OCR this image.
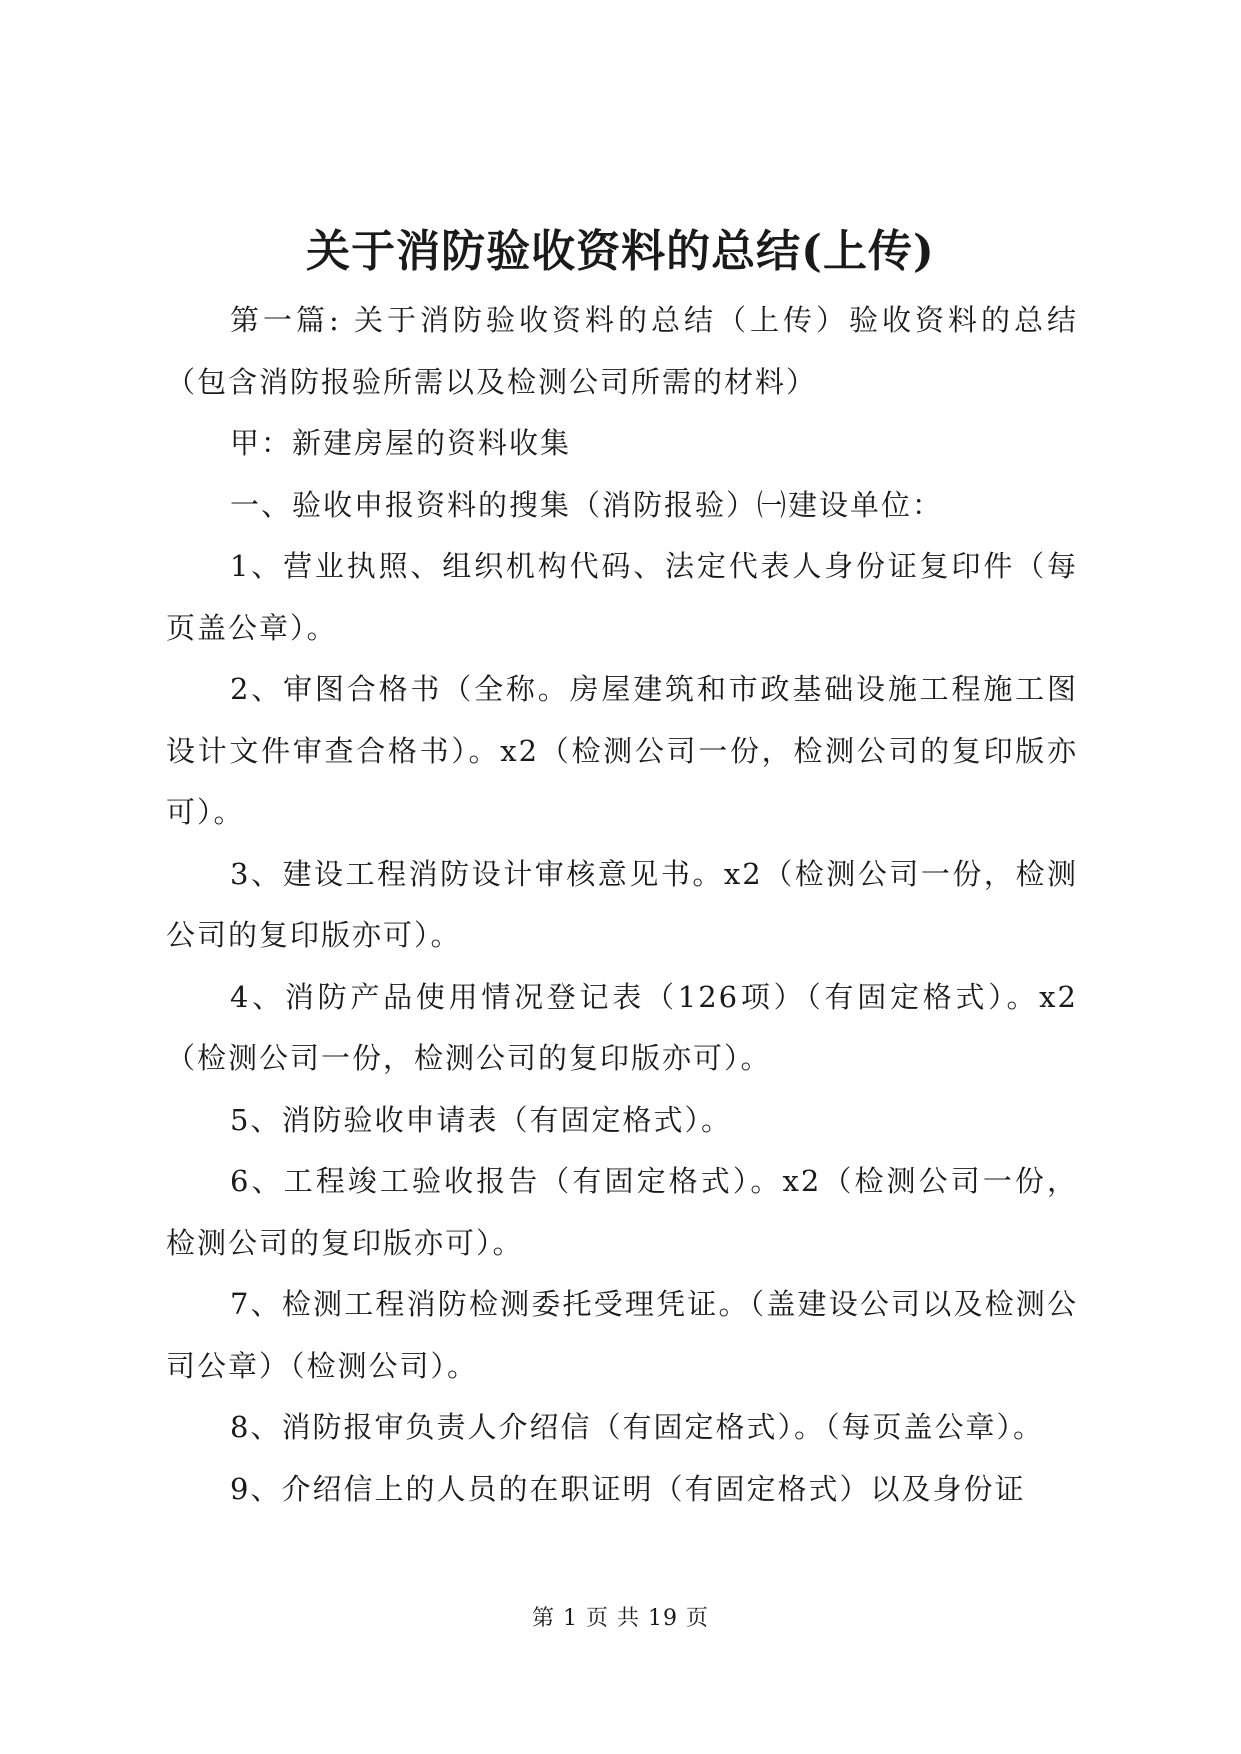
关于消防验收资料的总结(上传)

第一篇: 关于消防验收资料的总结（上传）验收资料的总结（包含消防报验所需以及检测公司所需的材料）

甲：新建房屋的资料收集

一、验收申报资料的搜集（消防报验）㈠建设单位：

1、营业执照、组织机构代码、法定代表人身份证复印件（每页盖公章）。

2、审图合格书（全称。房屋建筑和市政基础设施工程施工图设计文件审查合格书）。x2（检测公司一份，检测公司的复印版亦可）。

3、建设工程消防设计审核意见书。x2（检测公司一份，检测公司的复印版亦可）。

4、消防产品使用情况登记表（126项）（有固定格式）。x2（检测公司一份，检测公司的复印版亦可）。

5、消防验收申请表（有固定格式）。

6、工程竣工验收报告（有固定格式）。x2（检测公司一份，检测公司的复印版亦可）。

7、检测工程消防检测委托受理凭证。（盖建设公司以及检测公司公章）（检测公司）。

8、消防报审负责人介绍信（有固定格式）。（每页盖公章）。

9、介绍信上的人员的在职证明（有固定格式）以及身份证

第 1 页 共 19 页
